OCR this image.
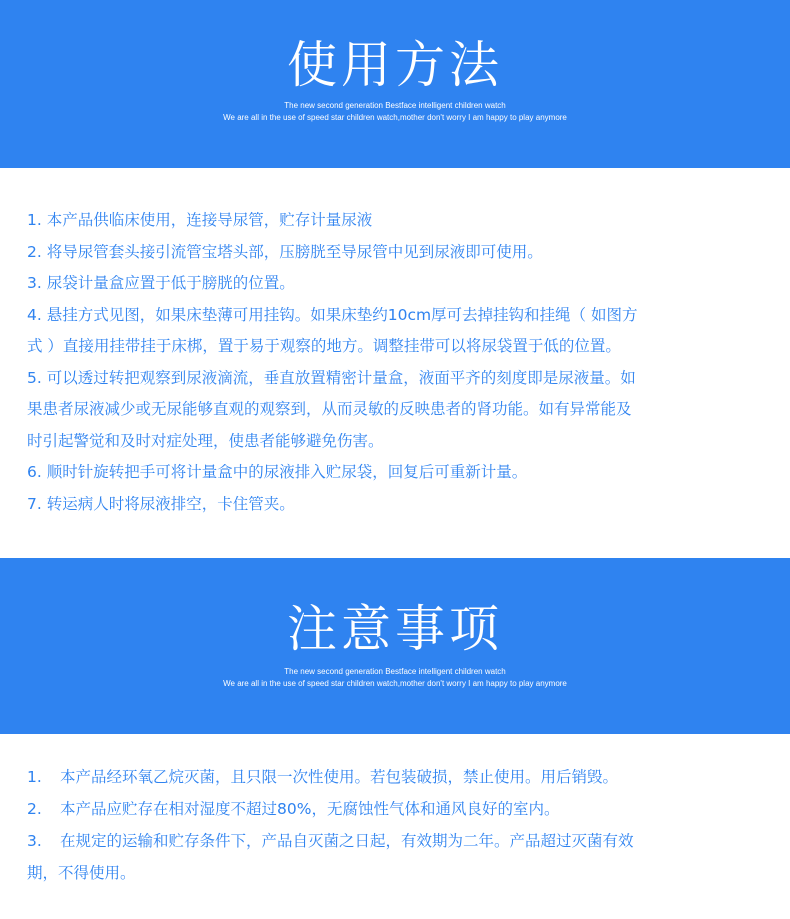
使用方法
The new second generation Bestface intelligent children watch
We are all in the use of speed star children watch,mother don't worry I am happy to play anymore
1. 本产品供临床使用，连接导尿管，贮存计量尿液
2. 将导尿管套头接引流管宝塔头部，压膀胱至导尿管中见到尿液即可使用。
3. 尿袋计量盒应置于低于膀胱的位置。
4. 悬挂方式见图，如果床垫薄可用挂钩。如果床垫约10cm厚可去掉挂钩和挂绳（ 如图方
式 ）直接用挂带挂于床梆，置于易于观察的地方。调整挂带可以将尿袋置于低的位置。
5. 可以透过转把观察到尿液滴流，垂直放置精密计量盒，液面平齐的刻度即是尿液量。如
果患者尿液减少或无尿能够直观的观察到，从而灵敏的反映患者的肾功能。如有异常能及
时引起警觉和及时对症处理，使患者能够避免伤害。
6. 顺时针旋转把手可将计量盒中的尿液排入贮尿袋，回复后可重新计量。
7. 转运病人时将尿液排空，卡住管夹。
注意事项
The new second generation Bestface intelligent children watch
We are all in the use of speed star children watch,mother don't worry I am happy to play anymore
1. 本产品经环氧乙烷灭菌，且只限一次性使用。若包装破损，禁止使用。用后销毁。
2. 本产品应贮存在相对湿度不超过80%，无腐蚀性气体和通风良好的室内。
3. 在规定的运输和贮存条件下，产品自灭菌之日起，有效期为二年。产品超过灭菌有效
期，不得使用。
